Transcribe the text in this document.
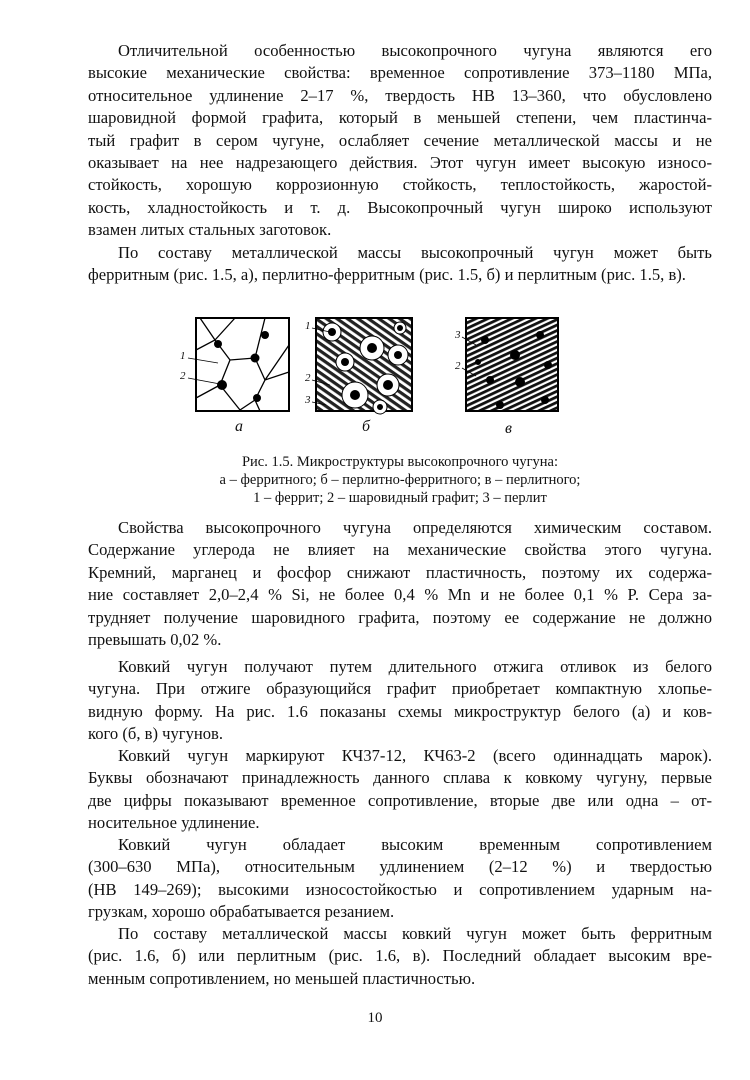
Отличительной особенностью высокопрочного чугуна являются его
высокие механические свойства: временное сопротивление 373–1180 МПа,
относительное удлинение 2–17 %, твердость НВ 13–360, что обусловлено
шаровидной формой графита, который в меньшей степени, чем пластинча-
тый графит в сером чугуне, ослабляет сечение металлической массы и не
оказывает на нее надрезающего действия. Этот чугун имеет высокую износо-
стойкость, хорошую коррозионную стойкость, теплостойкость, жаростой-
кость, хладностойкость и т. д. Высокопрочный чугун широко используют
взамен литых стальных заготовок.
По составу металлической массы высокопрочный чугун может быть
ферритным (рис. 1.5, а), перлитно-ферритным (рис. 1.5, б) и перлитным (рис. 1.5, в).
Свойства высокопрочного чугуна определяются химическим составом.
Содержание углерода не влияет на механические свойства этого чугуна.
Кремний, марганец и фосфор снижают пластичность, поэтому их содержа-
ние составляет 2,0–2,4 % Si, не более 0,4 % Mn и не более 0,1 % P. Сера за-
трудняет получение шаровидного графита, поэтому ее содержание не должно
превышать 0,02 %.
Ковкий чугун получают путем длительного отжига отливок из белого
чугуна. При отжиге образующийся графит приобретает компактную хлопье-
видную форму. На рис. 1.6 показаны схемы микроструктур белого (а) и ков-
кого (б, в) чугунов.
Ковкий чугун маркируют КЧ37-12, КЧ63-2 (всего одиннадцать марок).
Буквы обозначают принадлежность данного сплава к ковкому чугуну, первые
две цифры показывают временное сопротивление, вторые две или одна – от-
носительное удлинение.
Ковкий чугун обладает высоким временным сопротивлением
(300–630 МПа), относительным удлинением (2–12 %) и твердостью
(НВ 149–269); высокими износостойкостью и сопротивлением ударным на-
грузкам, хорошо обрабатывается резанием.
По составу металлической массы ковкий чугун может быть ферритным
(рис. 1.6, б) или перлитным (рис. 1.6, в). Последний обладает высоким вре-
менным сопротивлением, но меньшей пластичностью.
1
2
1
2
3
3
2
а	б	в
Рис. 1.5. Микроструктуры высокопрочного чугуна:
а – ферритного; б – перлитно-ферритного; в – перлитного;
1 – феррит; 2 – шаровидный графит; 3 – перлит
10
